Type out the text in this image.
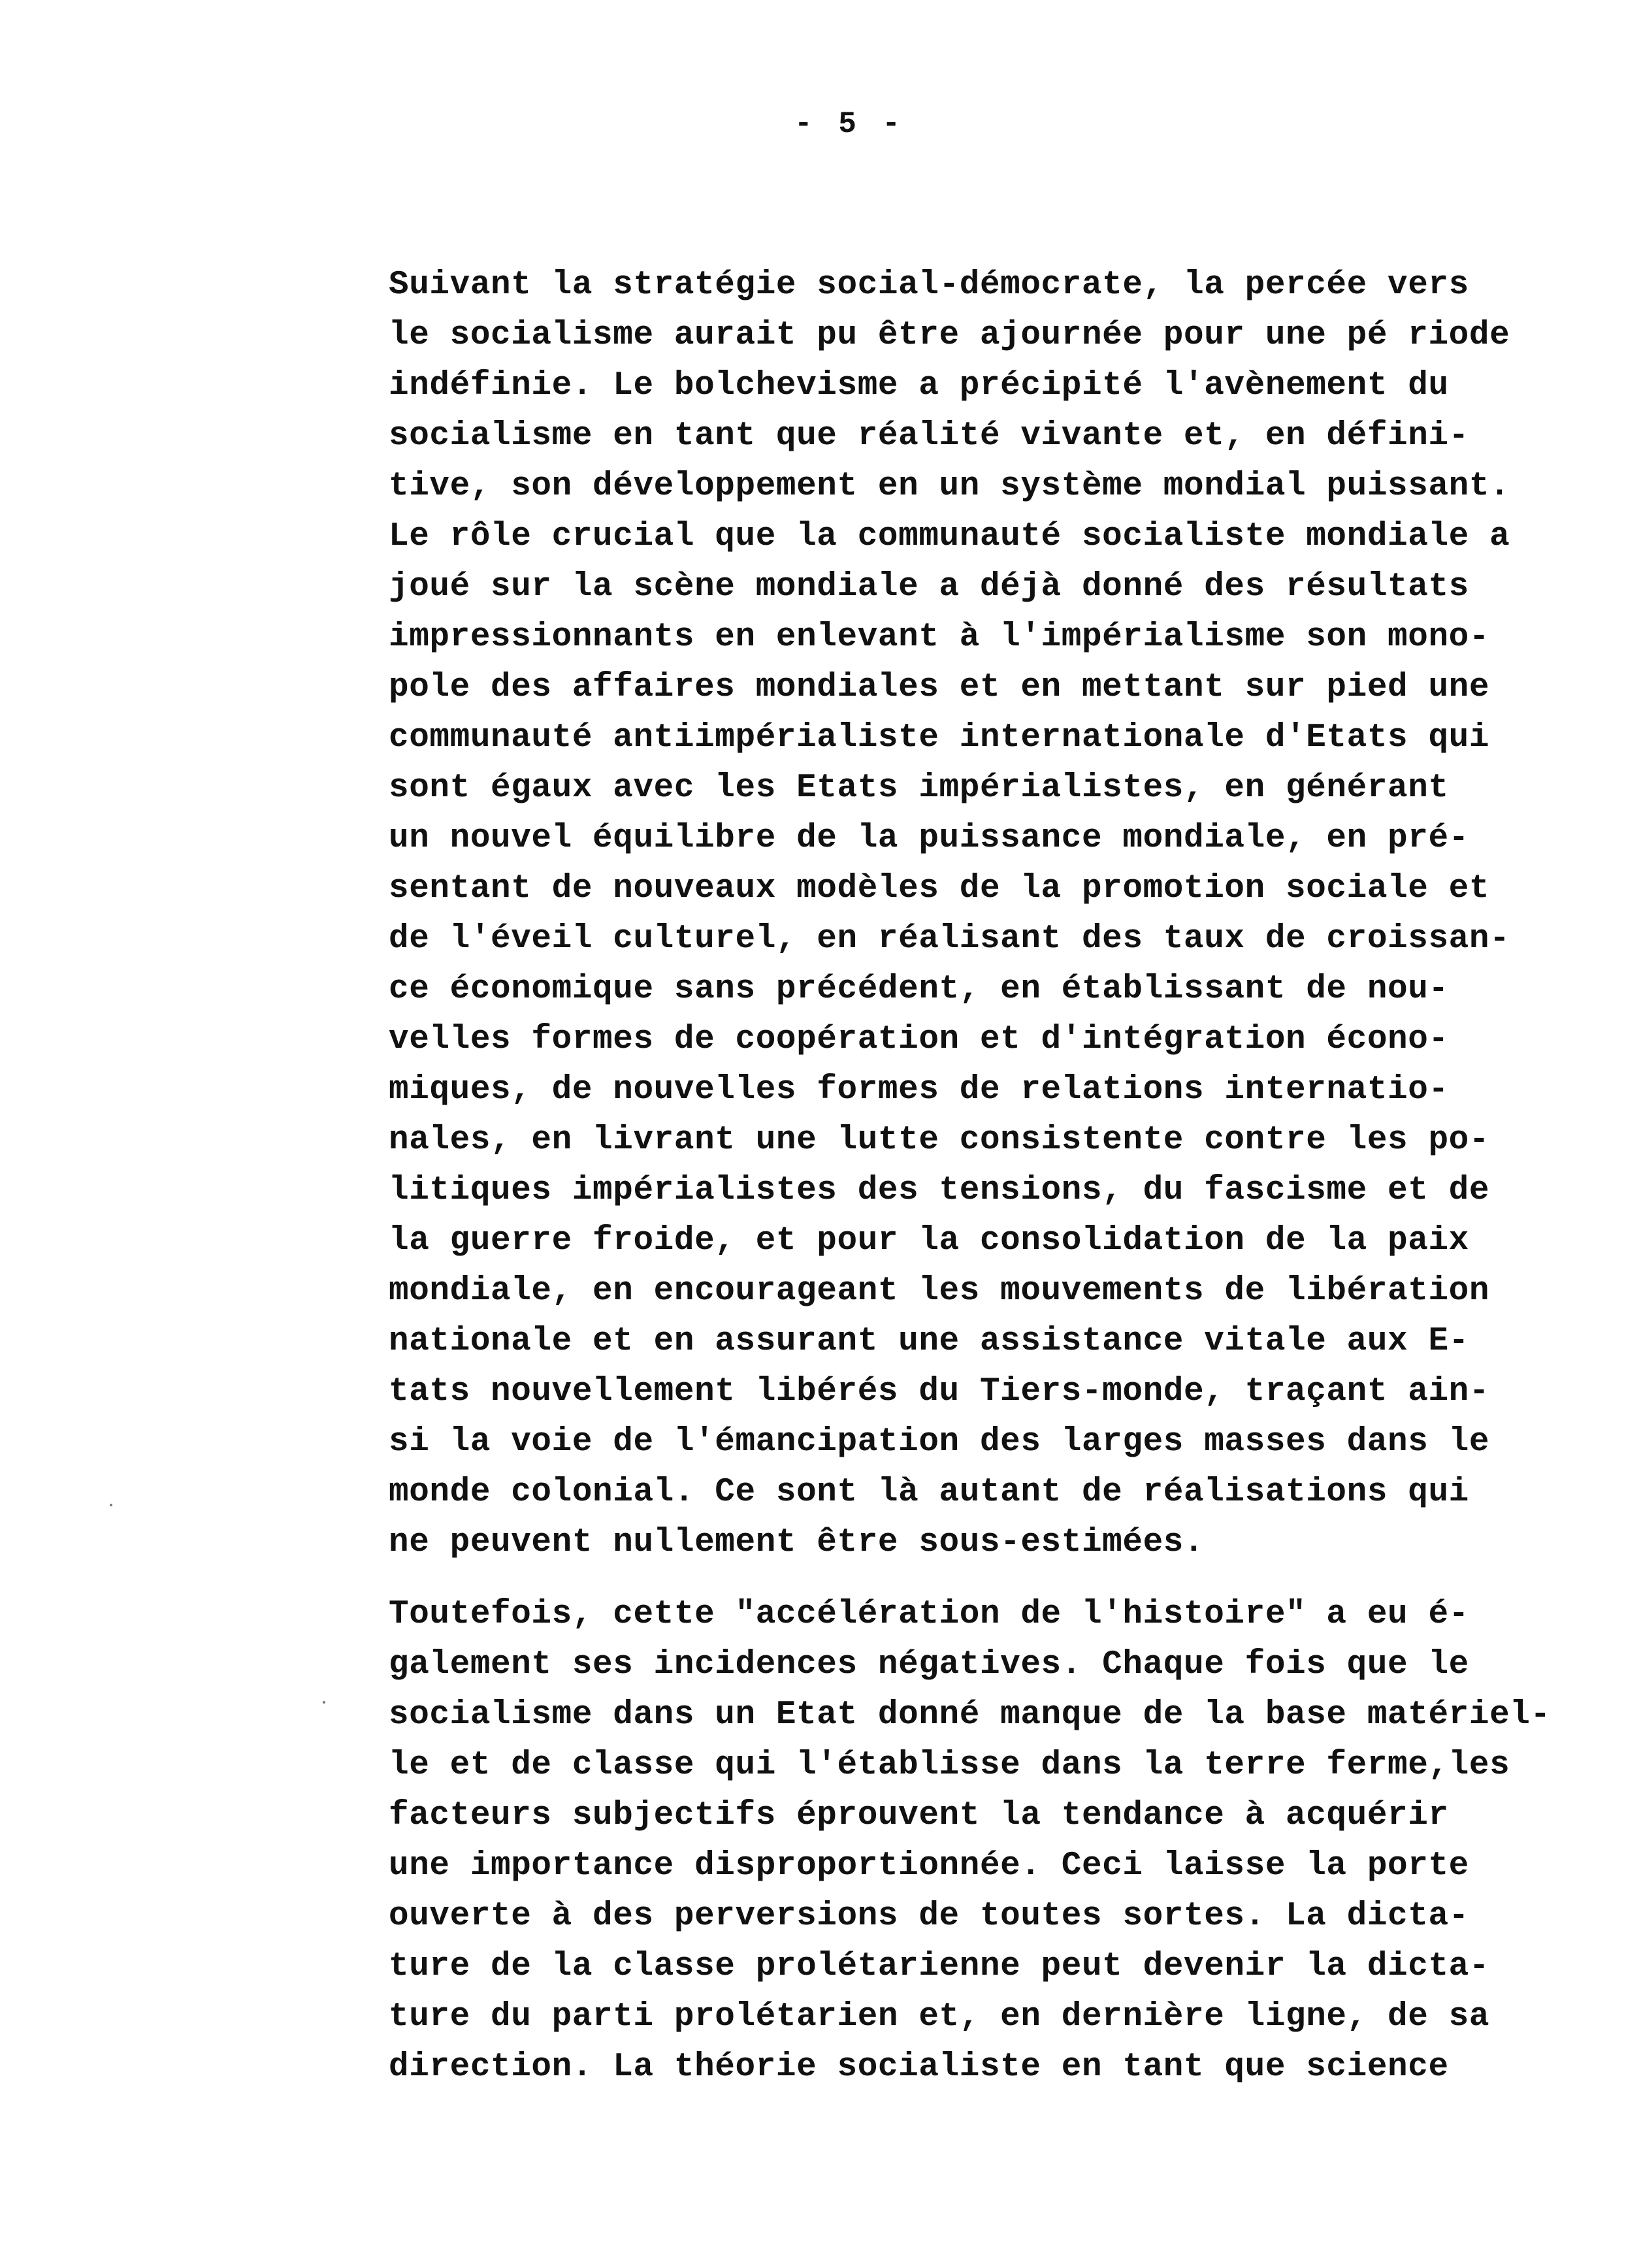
- 5 -
Suivant la stratégie social-démocrate, la percée vers
le socialisme aurait pu être ajournée pour une pé riode
indéfinie. Le bolchevisme a précipité l'avènement du
socialisme en tant que réalité vivante et, en défini-
tive, son développement en un système mondial puissant.
Le rôle crucial que la communauté socialiste mondiale a
joué sur la scène mondiale a déjà donné des résultats
impressionnants en enlevant à l'impérialisme son mono-
pole des affaires mondiales et en mettant sur pied une
communauté antiimpérialiste internationale d'Etats qui
sont égaux avec les Etats impérialistes, en générant
un nouvel équilibre de la puissance mondiale, en pré-
sentant de nouveaux modèles de la promotion sociale et
de l'éveil culturel, en réalisant des taux de croissan-
ce économique sans précédent, en établissant de nou-
velles formes de coopération et d'intégration écono-
miques, de nouvelles formes de relations internatio-
nales, en livrant une lutte consistente contre les po-
litiques impérialistes des tensions, du fascisme et de
la guerre froide, et pour la consolidation de la paix
mondiale, en encourageant les mouvements de libération
nationale et en assurant une assistance vitale aux E-
tats nouvellement libérés du Tiers-monde, traçant ain-
si la voie de l'émancipation des larges masses dans le
monde colonial. Ce sont là autant de réalisations qui
ne peuvent nullement être sous-estimées.
Toutefois, cette "accélération de l'histoire" a eu é-
galement ses incidences négatives. Chaque fois que le
socialisme dans un Etat donné manque de la base matériel-
le et de classe qui l'établisse dans la terre ferme,les
facteurs subjectifs éprouvent la tendance à acquérir
une importance disproportionnée. Ceci laisse la porte
ouverte à des perversions de toutes sortes. La dicta-
ture de la classe prolétarienne peut devenir la dicta-
ture du parti prolétarien et, en dernière ligne, de sa
direction. La théorie socialiste en tant que science
